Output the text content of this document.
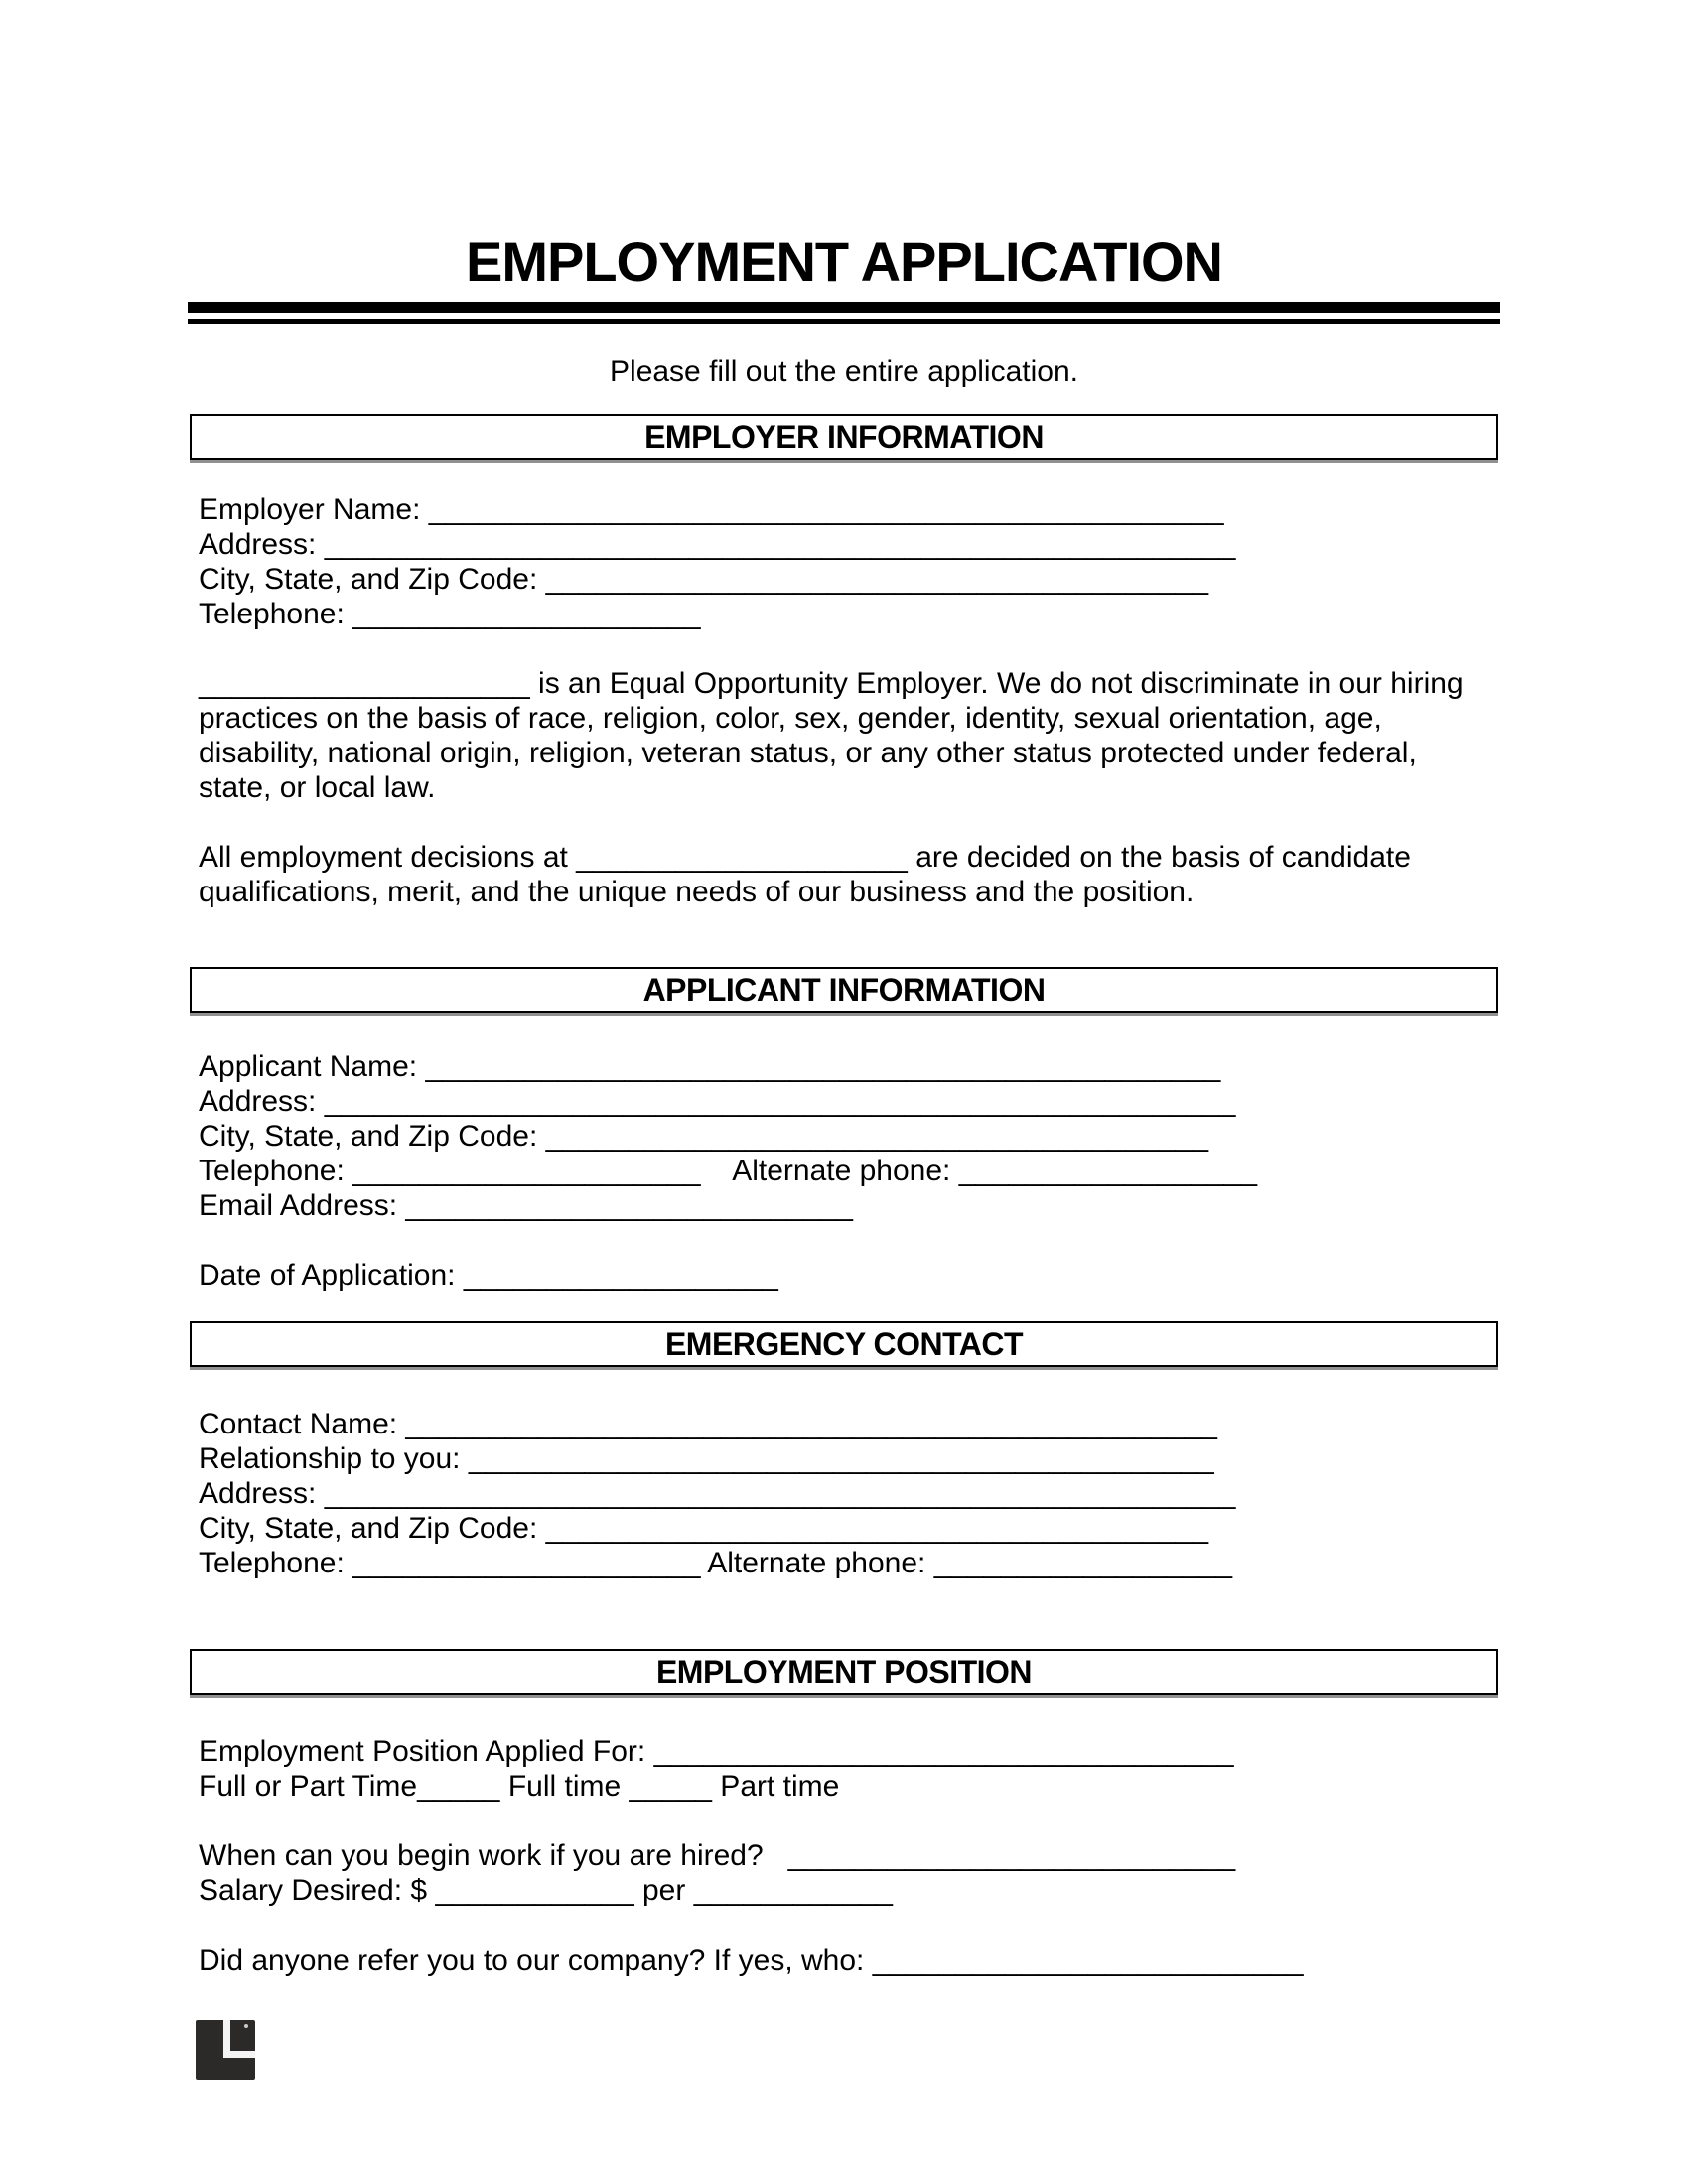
EMPLOYMENT APPLICATION
Please fill out the entire application.
EMPLOYER INFORMATION
Employer Name: ________________________________________________
Address: _______________________________________________________
City, State, and Zip Code: ________________________________________
Telephone: _____________________
____________________ is an Equal Opportunity Employer. We do not discriminate in our hiring
practices on the basis of race, religion, color, sex, gender, identity, sexual orientation, age,
disability, national origin, religion, veteran status, or any other status protected under federal,
state, or local law.
All employment decisions at ____________________ are decided on the basis of candidate
qualifications, merit, and the unique needs of our business and the position.
APPLICANT INFORMATION
Applicant Name: ________________________________________________
Address: _______________________________________________________
City, State, and Zip Code: ________________________________________
Telephone: _____________________    Alternate phone: __________________
Email Address: ___________________________
Date of Application: ___________________
EMERGENCY CONTACT
Contact Name: _________________________________________________
Relationship to you: _____________________________________________
Address: _______________________________________________________
City, State, and Zip Code: ________________________________________
Telephone: _____________________ Alternate phone: __________________
EMPLOYMENT POSITION
Employment Position Applied For: ___________________________________
Full or Part Time_____ Full time _____ Part time
When can you begin work if you are hired?   ___________________________
Salary Desired: $ ____________ per ____________
Did anyone refer you to our company? If yes, who: __________________________
